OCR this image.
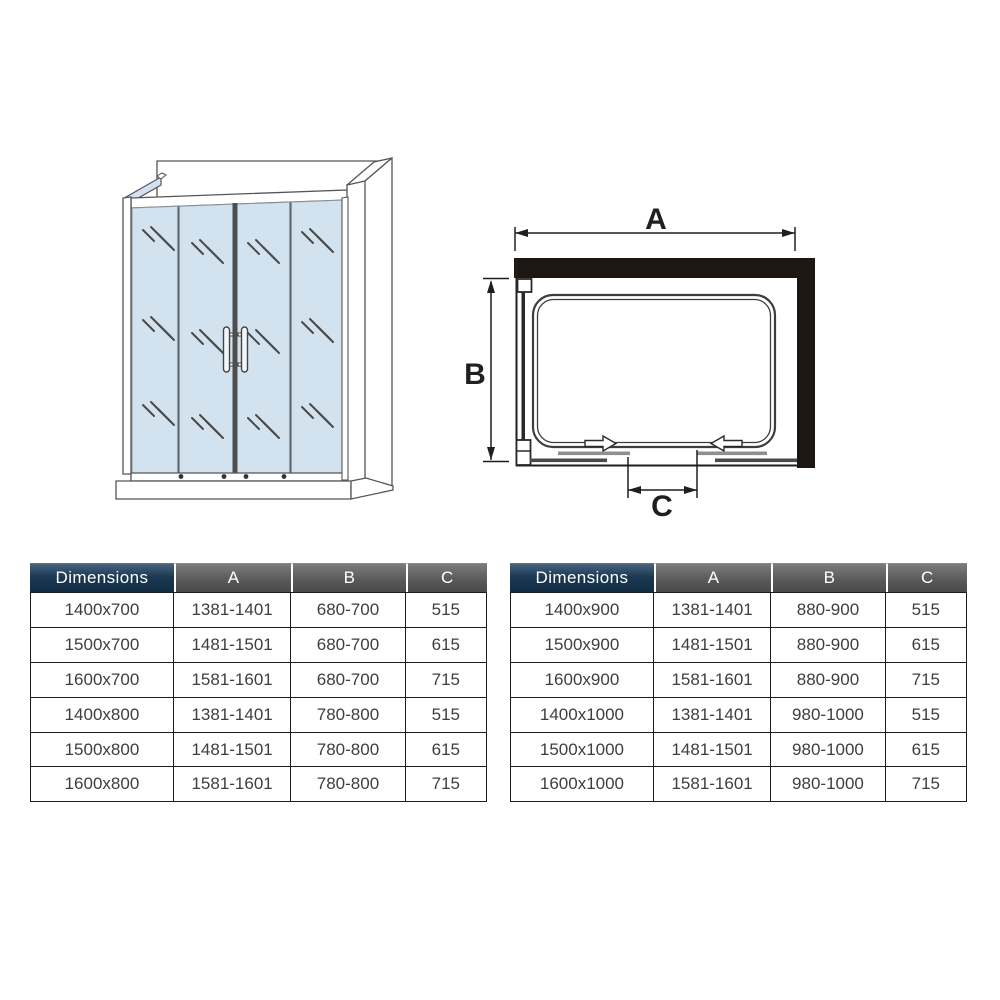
A
B
C
Dimensions	A	B	C
1400x700	1381-1401	680-700	515
1500x700	1481-1501	680-700	615
1600x700	1581-1601	680-700	715
1400x800	1381-1401	780-800	515
1500x800	1481-1501	780-800	615
1600x800	1581-1601	780-800	715
Dimensions	A	B	C
1400x900	1381-1401	880-900	515
1500x900	1481-1501	880-900	615
1600x900	1581-1601	880-900	715
1400x1000	1381-1401	980-1000	515
1500x1000	1481-1501	980-1000	615
1600x1000	1581-1601	980-1000	715
